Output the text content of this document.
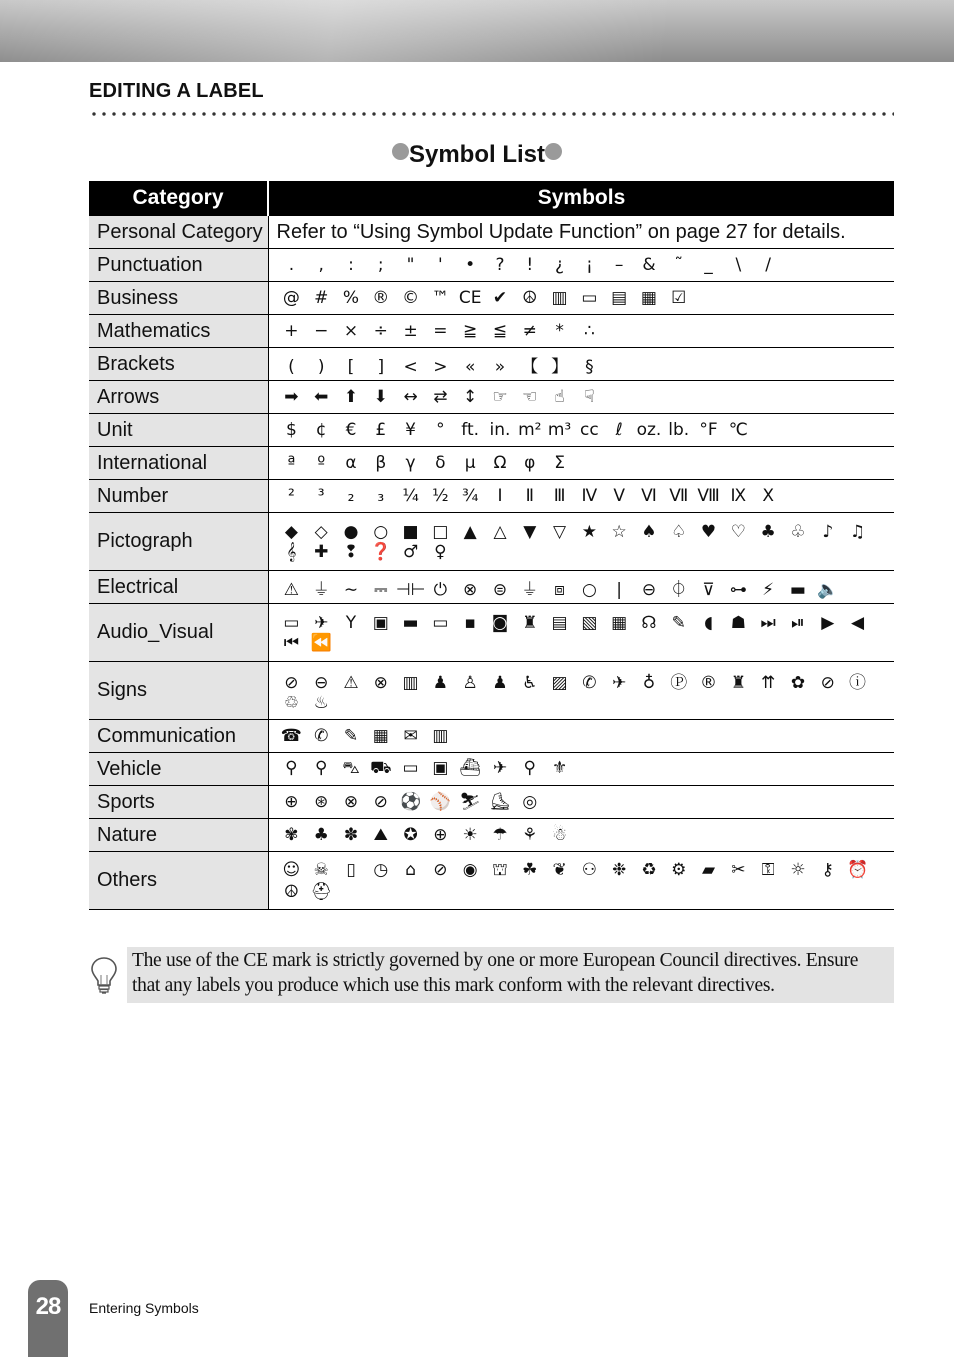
EDITING A LABEL
Symbol List
Category	Symbols
Personal Category	Refer to “Using Symbol Update Function” on page 27 for details.
Punctuation	. , : ; " ' • ? ! ¿ ¡ – & ˜ _ \ /
Business	@ # % ® © ™ CE ✔ ☮ ▥ ▭ ▤ ▦ ☑
Mathematics	+ − × ÷ ± = ≧ ≦ ≠ * ∴
Brackets	( ) [ ] < > « » 【 】 §
Arrows	➡ ⬅ ⬆ ⬇ ↔ ⇄ ↕ ☞ ☜ ☝ ☟
Unit	$ ¢ € £ ¥ ° ft. in. m² m³ cc ℓ oz. lb. °F ℃
International	ª º α β γ δ μ Ω φ Σ
Number	² ³ ₂ ₃ ¼ ½ ¾ Ⅰ Ⅱ Ⅲ Ⅳ Ⅴ Ⅵ Ⅶ Ⅷ Ⅸ Ⅹ
Pictograph	◆ ◇ ● ○ ■ □ ▲ △ ▼ ▽ ★ ☆ ♠ ♤ ♥ ♡ ♣ ♧ ♪ ♫𝄞 ✚ ❢ ❓ ♂ ♀
Electrical	⚠ ⏚ ∼ ⎓ ⊣⊢ ⏻ ⊗ ⊜ ⏚ ⧈ ○ | ⊖ ⏀ ⊽ ⊶ ⚡ ▬ 🔈
Audio_Visual	▭ ✈ Y ▣ ▬ ▭ ▪ ◙ ♜ ▤ ▧ ▦ ☊ ✎ ◖ ☗ ⏭ ⏯ ▶ ◀⏮ ⏪
Signs	⊘ ⊖ ⚠ ⊗ ▥ ♟ ♙ ♟ ♿ ▨ ✆ ✈ ♁ Ⓟ ® ♜ ⇈ ✿ ⊘ ⓘ♲ ♨
Communication	☎ ✆ ✎ ▦ ✉ ▥
Vehicle	⚲ ⚲ ⛍ ⛟ ▭ ▣ ⛴ ✈ ⚲ ⚜
Sports	⊕ ⊛ ⊗ ⊘ ⚽ ⚾ ⛷ ⛸ ◎
Nature	✾ ♣ ✽ ⛰ ✪ ⊕ ☀ ☂ ⚘ ☃
Others	☺ ☠ ▯ ◷ ⌂ ⊘ ◉ ⛫ ☘ ❦ ⚇ ❉ ♻ ⚙ ▰ ✂ ⚿ ☼ ⚷ ⏰☮ ⛑

The use of the CE mark is strictly governed by one or more European Council directives. Ensure that any labels you produce which use this mark conform with the relevant directives.

28	Entering Symbols
